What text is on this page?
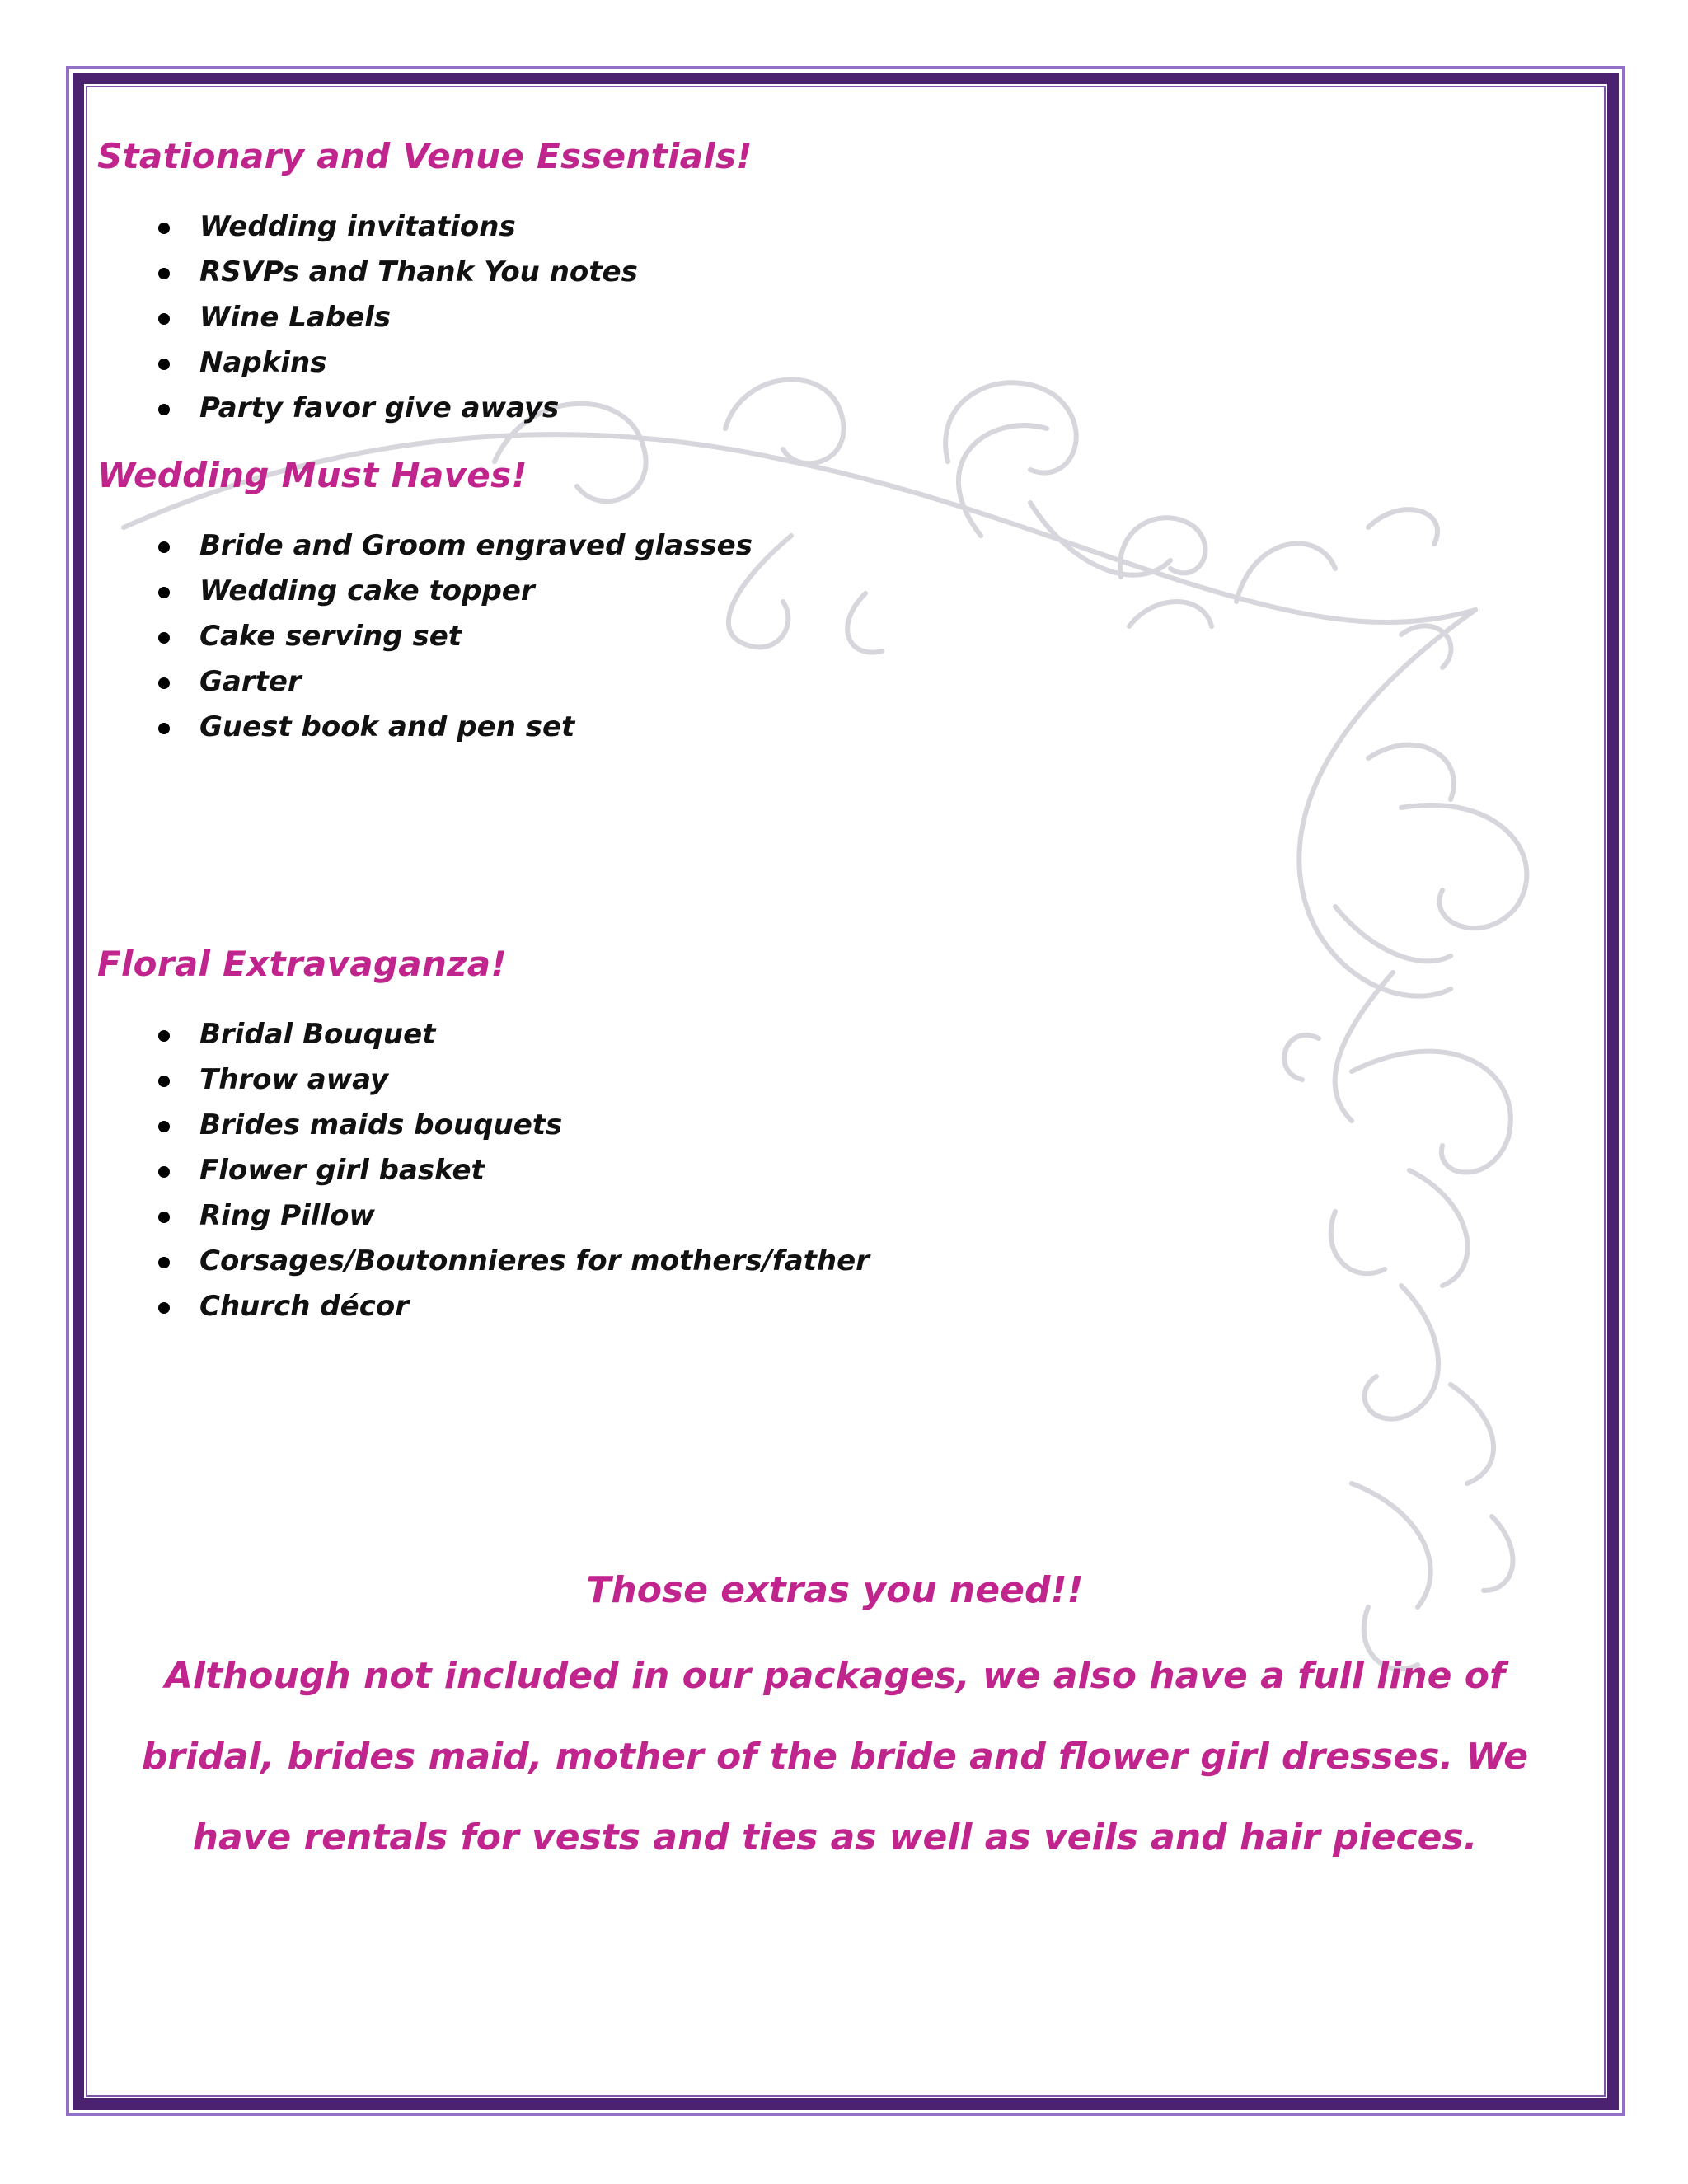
Stationary and Venue Essentials!
Wedding invitations
RSVPs and Thank You notes
Wine Labels
Napkins
Party favor give aways
Wedding Must Haves!
Bride and Groom engraved glasses
Wedding cake topper
Cake serving set
Garter
Guest book and pen set
Floral Extravaganza!
Bridal Bouquet
Throw away
Brides maids bouquets
Flower girl basket
Ring Pillow
Corsages/Boutonnieres for mothers/father
Church décor

Those extras you need!!

Although not included in our packages, we also have a full line of bridal, brides maid, mother of the bride and flower girl dresses. We have rentals for vests and ties as well as veils and hair pieces.
